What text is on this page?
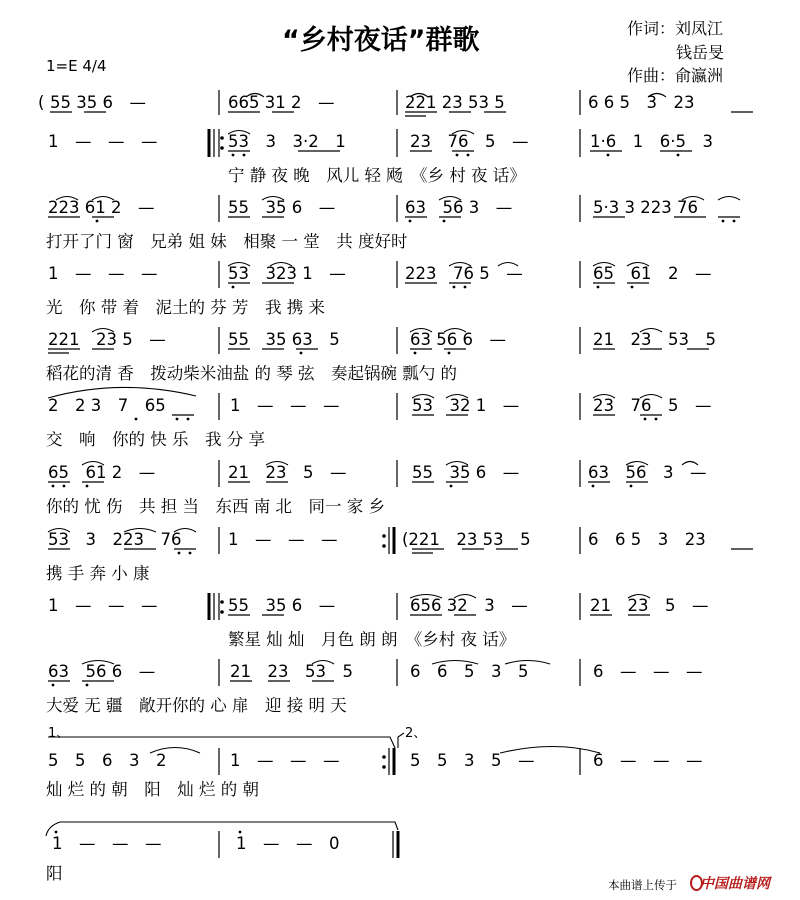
“乡村夜话”群歌	作词：刘凤江
钱岳旻
作曲：俞瀛洲
1=E 4/4
( 55 35 6　—	665 31 2　—	221 23 53 5	6 6 5　3　23
1　—　—　—	53　3　3·2　1	23　76　5　—	1·6　1　6·5　3
223 61 2　—	55　35 6　—	63　56 3　—	5·3 3 223 76
1　—　—　—	53　323 1　—	223　76 5　—	65　61　2　—
221　23 5　—	55　35 63　5	63 56 6　—	21　23　53　5
2　2 3　7　65	1　—　—　—	53　32 1　—	23　76　5　—
65　61 2　—	21　23　5　—	55　35 6　—	63　56　3　—
53　3　223　76	1　—　—　—	(221　23 53　5	6　6 5　3　23
1　—　—　—	55　35 6　—	656 32　3　—	21　23　5　—
63　56 6　—	21　23　53　5	6　6　5　3　5	6　—　—　—
5　5　6　3　2	1　—　—　—	5　5　3　5　—	6　—　—　—
1　—　—　—	1　—　—　0
1、	2、
宁 静 夜 晚　风儿 轻 飏　《乡 村 夜 话》
打开了门 窗　兄弟 姐 妹　相聚 一 堂　共 度好时
光　你 带 着　泥土的 芬 芳　我 携 来
稻花的清 香　拨动柴米油盐 的 琴 弦　奏起锅碗 瓢勺 的
交　响　你的 快 乐　我 分 享
你的 忧 伤　共 担 当　东西 南 北　同一 家 乡
携 手 奔 小 康
繁星 灿 灿　月色 朗 朗　《乡村 夜 话》
大爱 无 疆　敞开你的 心 扉　迎 接 明 天
灿 烂 的 朝　阳　灿 烂 的 朝
阳
本曲谱上传于 中国曲谱网
